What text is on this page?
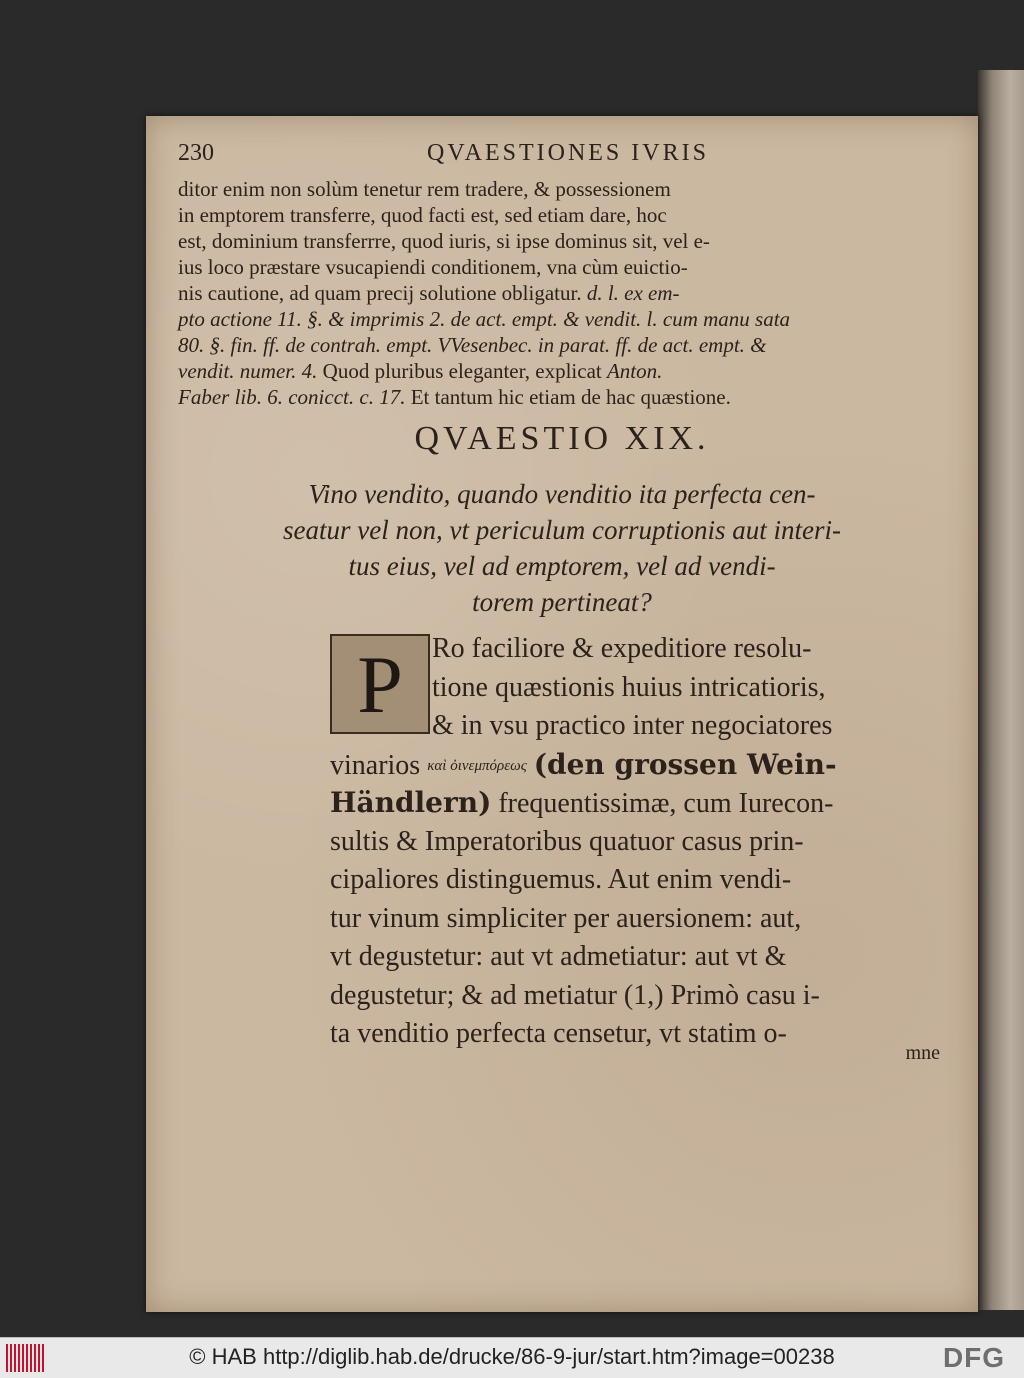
230	QVAESTIONES IVRIS
ditor enim non solùm tenetur rem tradere, & possessionem
in emptorem transferre, quod facti est, sed etiam dare, hoc
est, dominium transferrre, quod iuris, si ipse dominus sit, vel e-
ius loco præstare vsucapiendi conditionem, vna cùm euictio-
nis cautione, ad quam precij solutione obligatur. d. l. ex em-
pto actione 11. §. & imprimis 2. de act. empt. & vendit. l. cum manu sata
80. §. fin. ff. de contrah. empt. VVesenbec. in parat. ff. de act. empt. &
vendit. numer. 4. Quod pluribus eleganter, explicat Anton.
Faber lib. 6. conicct. c. 17. Et tantum hic etiam de hac quæstione.
QVAESTIO XIX.
Vino vendito, quando venditio ita perfecta cen-
seatur vel non, vt periculum corruptionis aut interi-
tus eius, vel ad emptorem, vel ad vendi-
torem pertineat?
P	Ro faciliore & expeditiore resolu-
tione quæstionis huius intricatioris,
& in vsu practico inter negociatores
vinarios καὶ ὀινεμπόρεως (den grossen Wein-
Händlern) frequentissimæ, cum Iurecon-
sultis & Imperatoribus quatuor casus prin-
cipaliores distinguemus. Aut enim vendi-
tur vinum simpliciter per auersionem: aut,
vt degustetur: aut vt admetiatur: aut vt &
degustetur; & ad metiatur (1,) Primò casu i-
ta venditio perfecta censetur, vt statim o-
mne
© HAB http://diglib.hab.de/drucke/86-9-jur/start.htm?image=00238	DFG
